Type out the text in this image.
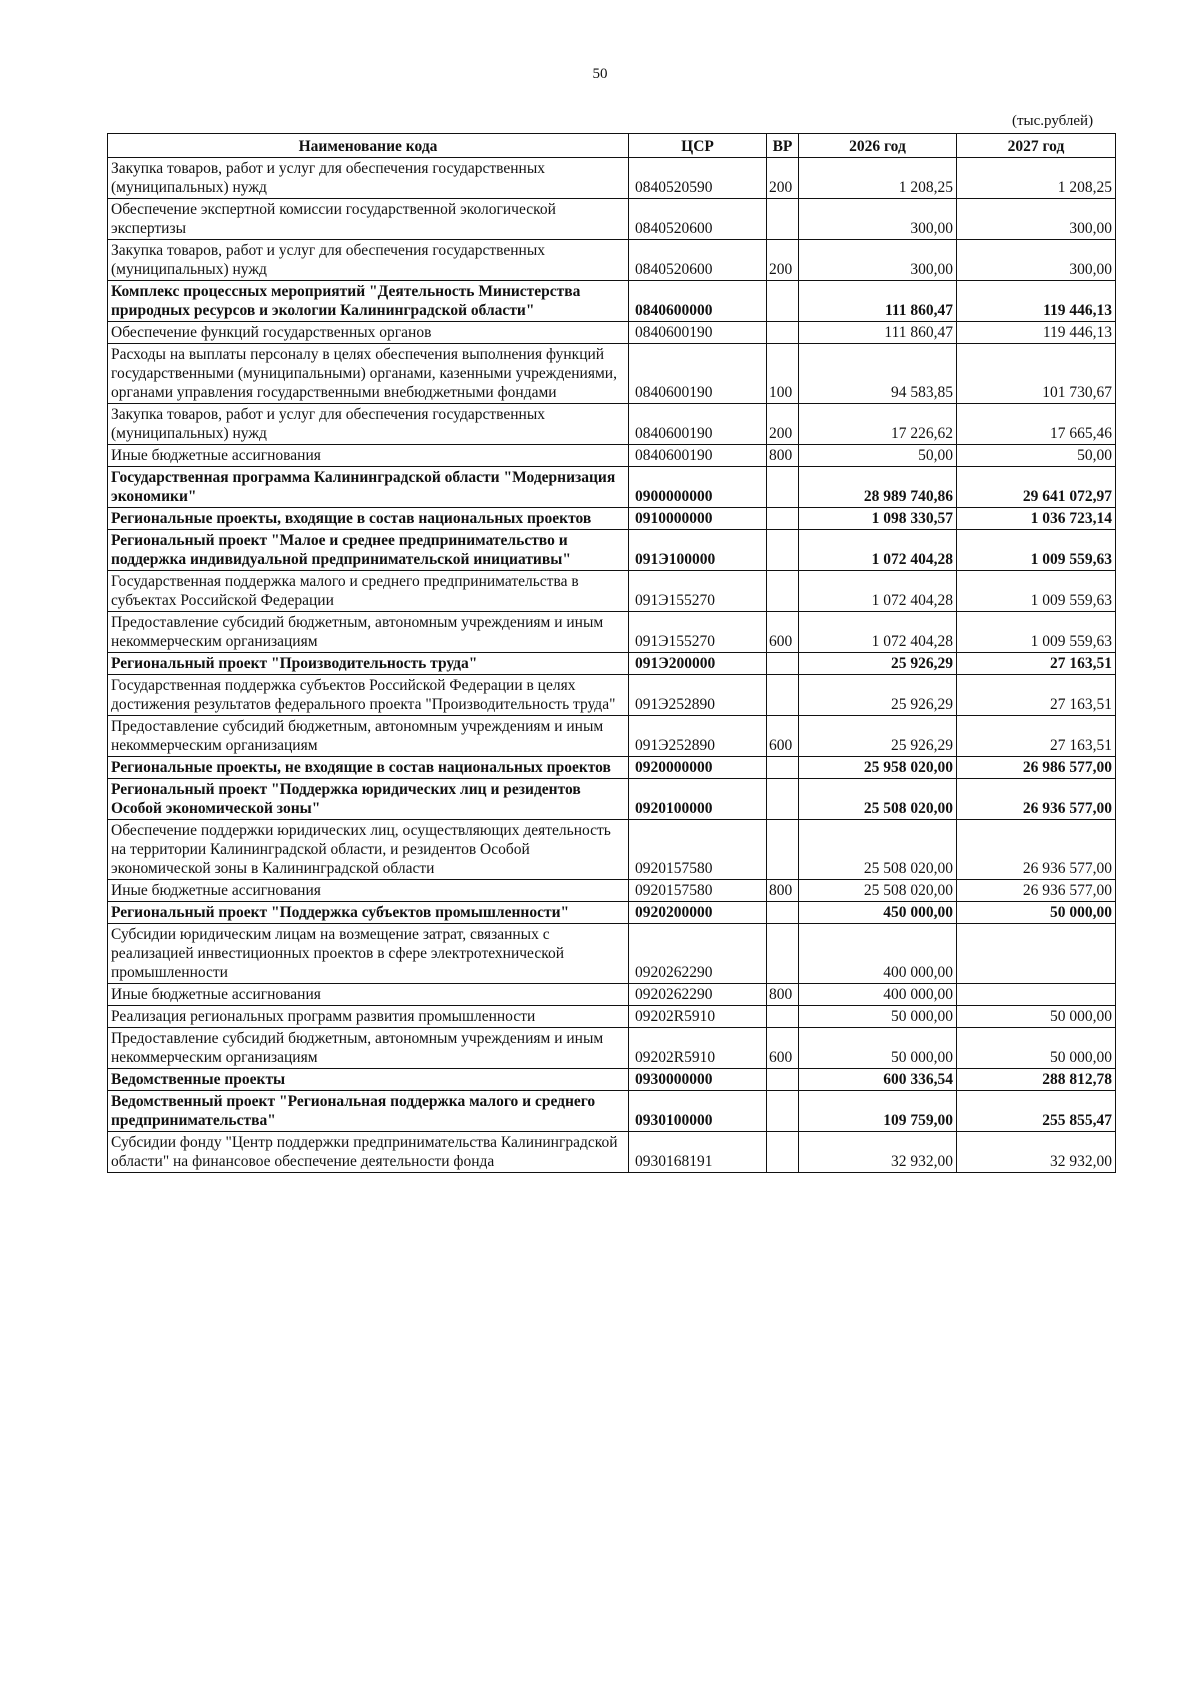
50
(тыс.рублей)
Наименование кода	ЦСР	ВР	2026 год	2027 год
Закупка товаров, работ и услуг для обеспечения государственных (муниципальных) нужд	0840520590	200	1 208,25	1 208,25
Обеспечение экспертной комиссии государственной экологической экспертизы	0840520600		300,00	300,00
Закупка товаров, работ и услуг для обеспечения государственных (муниципальных) нужд	0840520600	200	300,00	300,00
Комплекс процессных мероприятий "Деятельность Министерства природных ресурсов и экологии Калининградской области"	0840600000		111 860,47	119 446,13
Обеспечение функций государственных органов	0840600190		111 860,47	119 446,13
Расходы на выплаты персоналу в целях обеспечения выполнения функций государственными (муниципальными) органами, казенными учреждениями, органами управления государственными внебюджетными фондами	0840600190	100	94 583,85	101 730,67
Закупка товаров, работ и услуг для обеспечения государственных (муниципальных) нужд	0840600190	200	17 226,62	17 665,46
Иные бюджетные ассигнования	0840600190	800	50,00	50,00
Государственная программа Калининградской области "Модернизация экономики"	0900000000		28 989 740,86	29 641 072,97
Региональные проекты, входящие в состав национальных проектов	0910000000		1 098 330,57	1 036 723,14
Региональный проект "Малое и среднее предпринимательство и поддержка индивидуальной предпринимательской инициативы"	091Э100000		1 072 404,28	1 009 559,63
Государственная поддержка малого и среднего предпринимательства в субъектах Российской Федерации	091Э155270		1 072 404,28	1 009 559,63
Предоставление субсидий бюджетным, автономным учреждениям и иным некоммерческим организациям	091Э155270	600	1 072 404,28	1 009 559,63
Региональный проект "Производительность труда"	091Э200000		25 926,29	27 163,51
Государственная поддержка субъектов Российской Федерации в целях достижения результатов федерального проекта "Производительность труда"	091Э252890		25 926,29	27 163,51
Предоставление субсидий бюджетным, автономным учреждениям и иным некоммерческим организациям	091Э252890	600	25 926,29	27 163,51
Региональные проекты, не входящие в состав национальных проектов	0920000000		25 958 020,00	26 986 577,00
Региональный проект "Поддержка юридических лиц и резидентов Особой экономической зоны"	0920100000		25 508 020,00	26 936 577,00
Обеспечение поддержки юридических лиц, осуществляющих деятельность на территории Калининградской области, и резидентов Особой экономической зоны в Калининградской области	0920157580		25 508 020,00	26 936 577,00
Иные бюджетные ассигнования	0920157580	800	25 508 020,00	26 936 577,00
Региональный проект "Поддержка субъектов промышленности"	0920200000		450 000,00	50 000,00
Субсидии юридическим лицам на возмещение затрат, связанных с реализацией инвестиционных проектов в сфере электротехнической промышленности	0920262290		400 000,00	
Иные бюджетные ассигнования	0920262290	800	400 000,00	
Реализация региональных программ развития промышленности	09202R5910		50 000,00	50 000,00
Предоставление субсидий бюджетным, автономным учреждениям и иным некоммерческим организациям	09202R5910	600	50 000,00	50 000,00
Ведомственные проекты	0930000000		600 336,54	288 812,78
Ведомственный проект "Региональная поддержка малого и среднего предпринимательства"	0930100000		109 759,00	255 855,47
Субсидии фонду "Центр поддержки предпринимательства Калининградской области" на финансовое обеспечение деятельности фонда	0930168191		32 932,00	32 932,00
